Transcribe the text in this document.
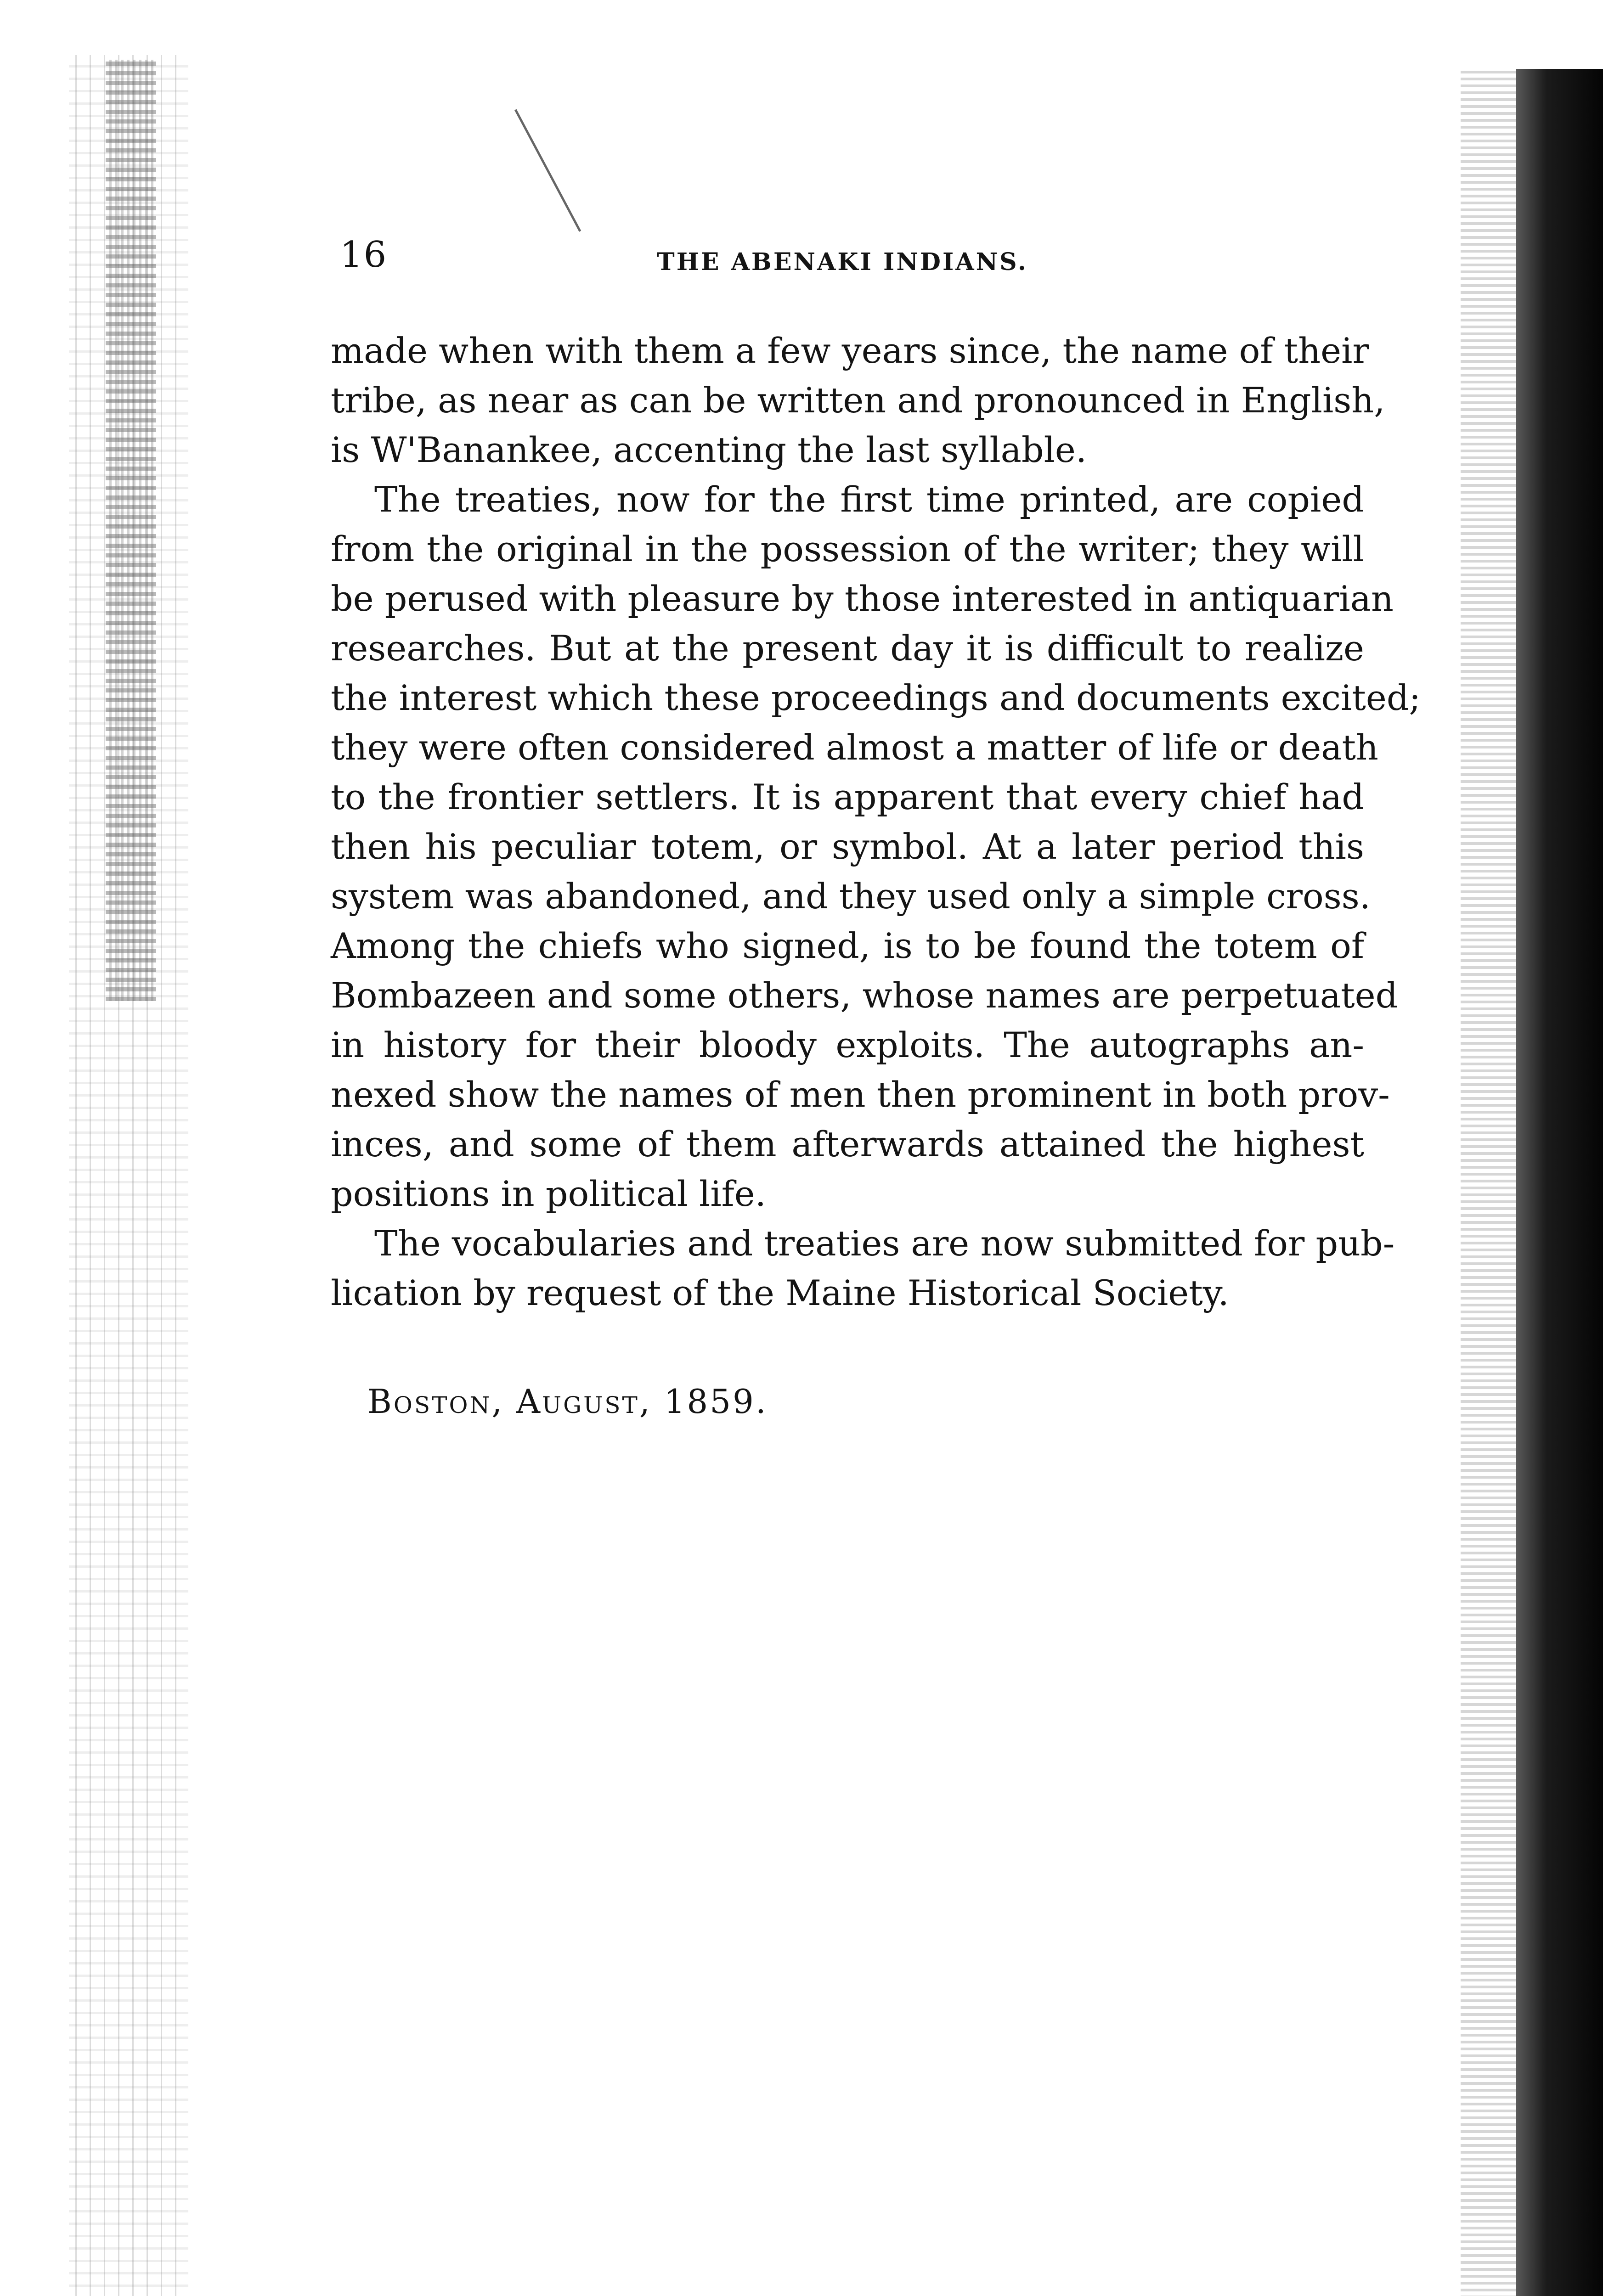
16	THE ABENAKI INDIANS.
made when with them a few years since, the name of their
tribe, as near as can be written and pronounced in English,
is W'Banankee, accenting the last syllable.
The treaties, now for the first time printed, are copied
from the original in the possession of the writer; they will
be perused with pleasure by those interested in antiquarian
researches. But at the present day it is difficult to realize
the interest which these proceedings and documents excited;
they were often considered almost a matter of life or death
to the frontier settlers. It is apparent that every chief had
then his peculiar totem, or symbol. At a later period this
system was abandoned, and they used only a simple cross.
Among the chiefs who signed, is to be found the totem of
Bombazeen and some others, whose names are perpetuated
in history for their bloody exploits. The autographs an-
nexed show the names of men then prominent in both prov-
inces, and some of them afterwards attained the highest
positions in political life.
The vocabularies and treaties are now submitted for pub-
lication by request of the Maine Historical Society.
Boston, August, 1859.
